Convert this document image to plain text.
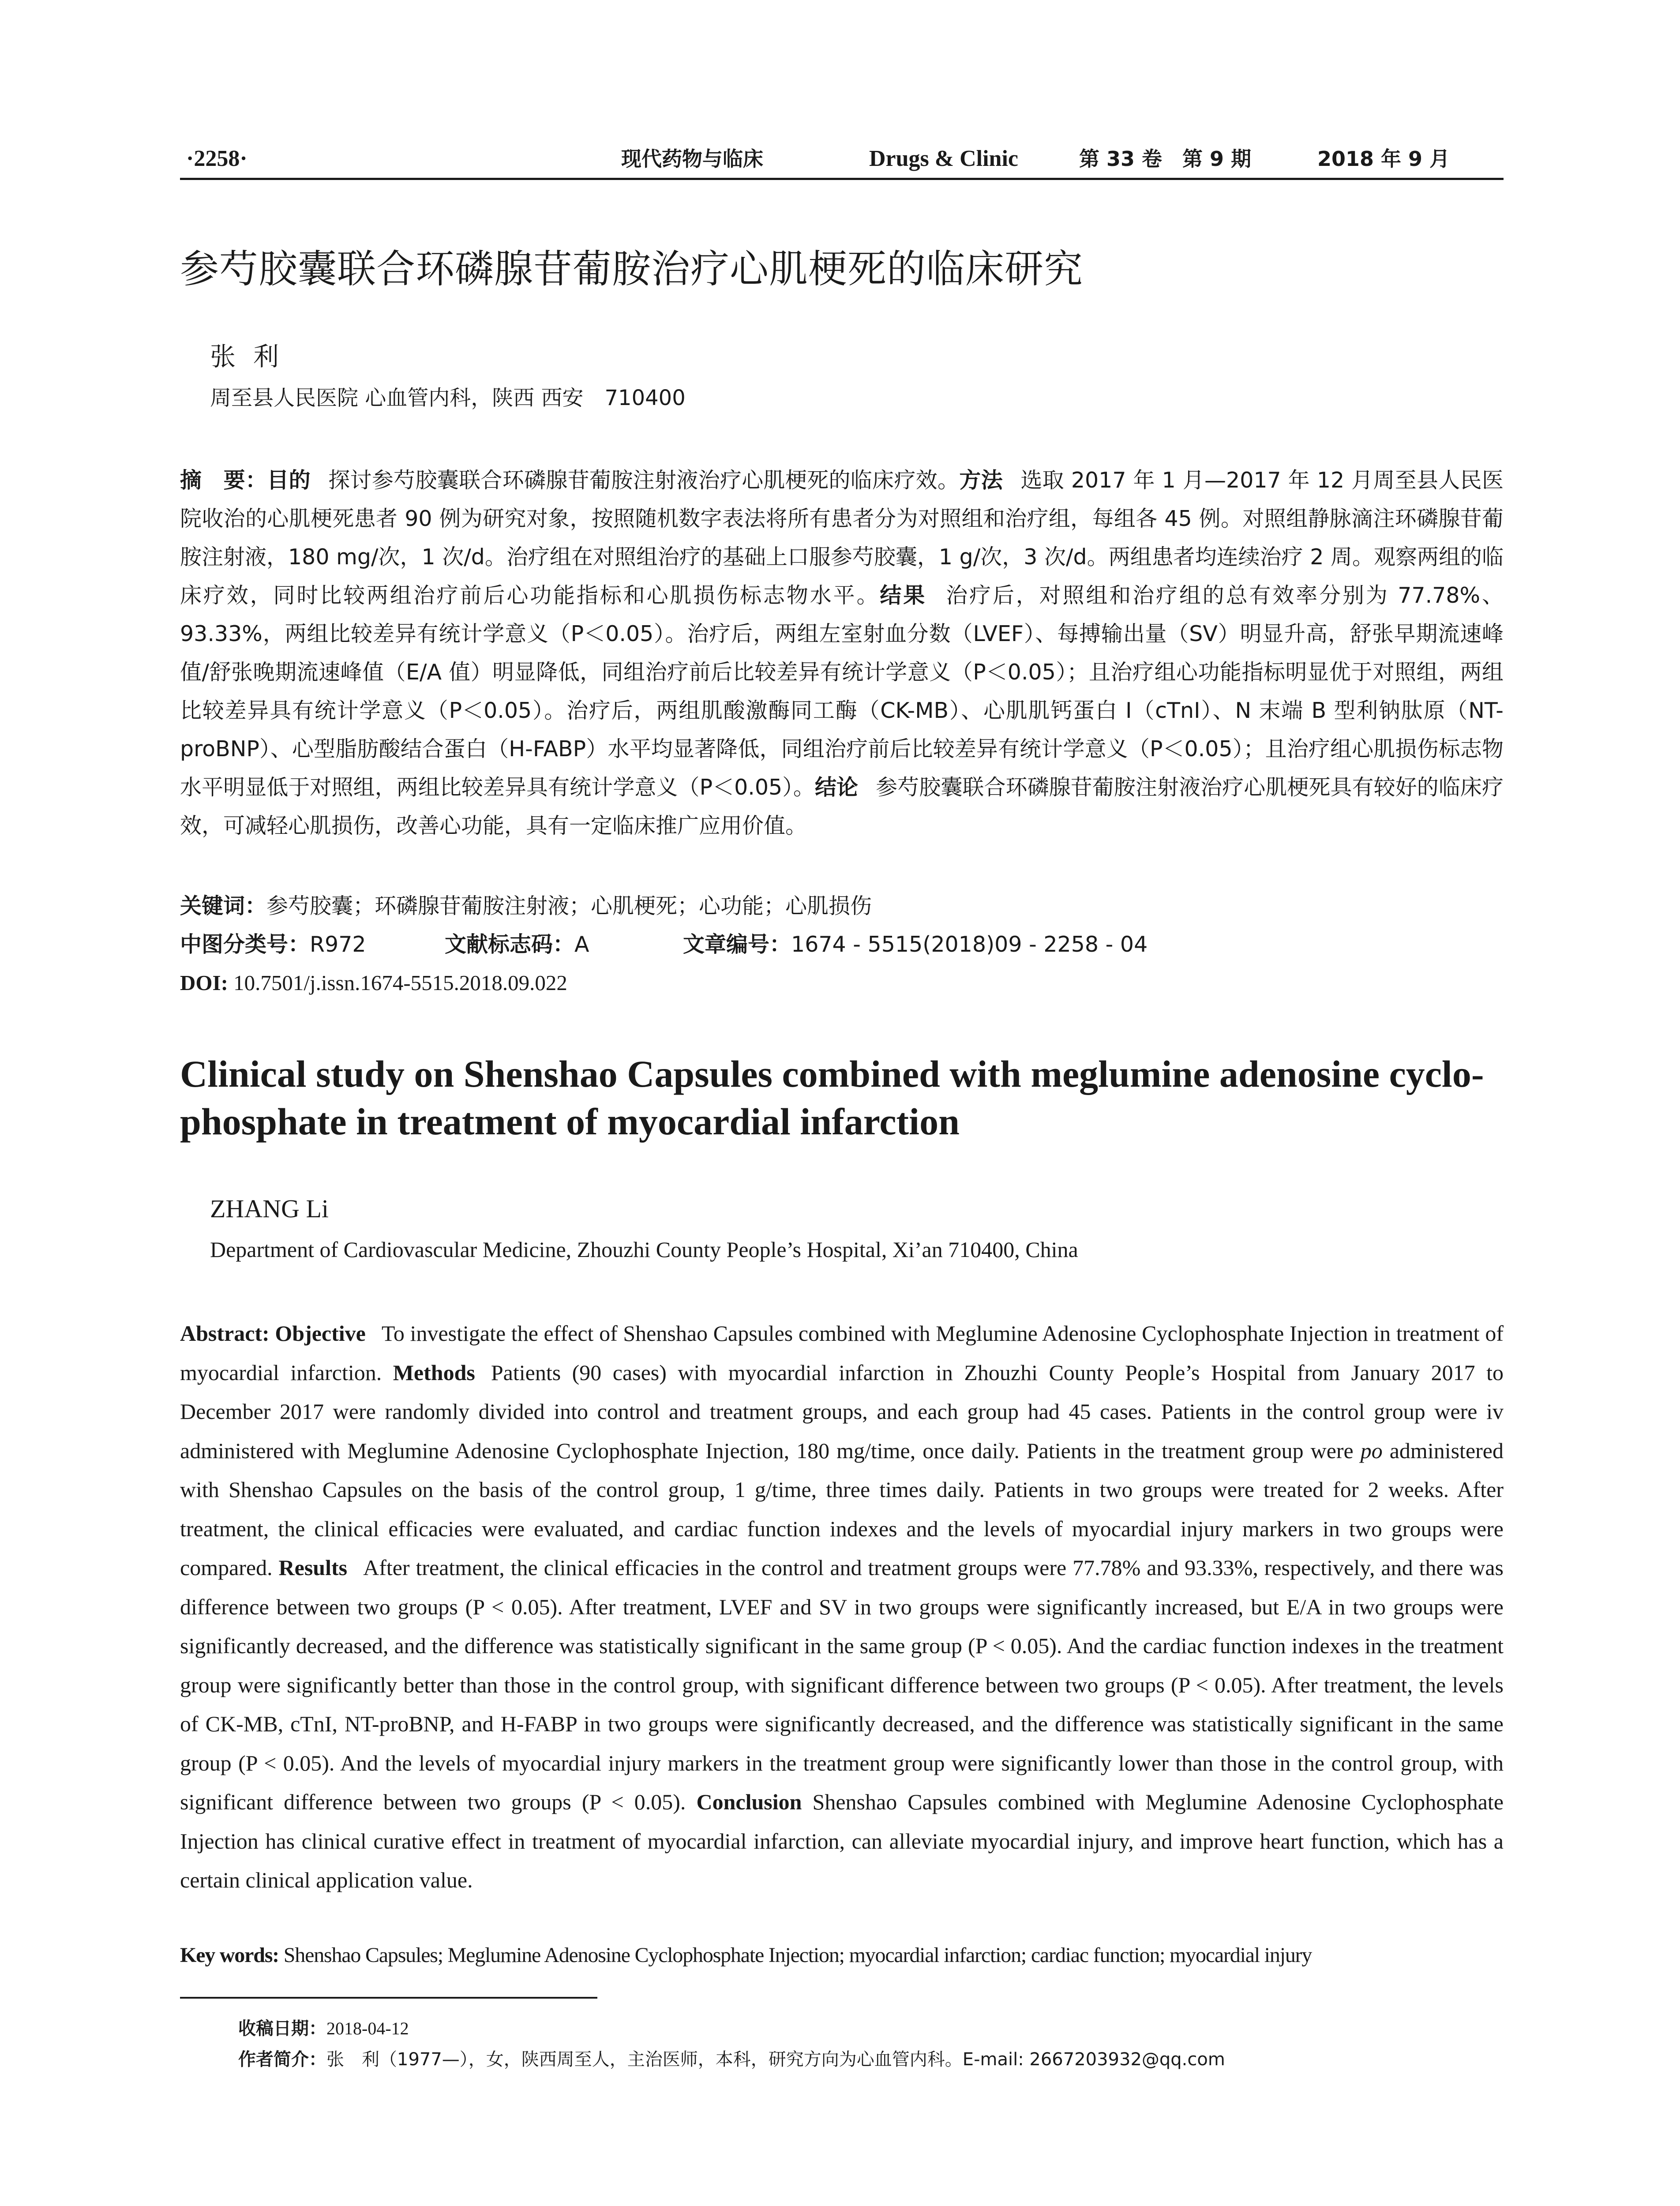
·2258·	现代药物与临床	Drugs & Clinic	第 33 卷　第 9 期	2018 年 9 月
参芍胶囊联合环磷腺苷葡胺治疗心肌梗死的临床研究
张利
周至县人民医院 心血管内科，陕西 西安　710400
摘　要：目的 探讨参芍胶囊联合环磷腺苷葡胺注射液治疗心肌梗死的临床疗效。方法 选取 2017 年 1 月—2017 年 12 月周至县人民医院收治的心肌梗死患者 90 例为研究对象，按照随机数字表法将所有患者分为对照组和治疗组，每组各 45 例。对照组静脉滴注环磷腺苷葡胺注射液，180 mg/次，1 次/d。治疗组在对照组治疗的基础上口服参芍胶囊，1 g/次，3 次/d。两组患者均连续治疗 2 周。观察两组的临床疗效，同时比较两组治疗前后心功能指标和心肌损伤标志物水平。结果 治疗后，对照组和治疗组的总有效率分别为 77.78%、93.33%，两组比较差异有统计学意义（P＜0.05）。治疗后，两组左室射血分数（LVEF）、每搏输出量（SV）明显升高，舒张早期流速峰值/舒张晚期流速峰值（E/A 值）明显降低，同组治疗前后比较差异有统计学意义（P＜0.05）；且治疗组心功能指标明显优于对照组，两组比较差异具有统计学意义（P＜0.05）。治疗后，两组肌酸激酶同工酶（CK-MB）、心肌肌钙蛋白 I（cTnI）、N 末端 B 型利钠肽原（NT-proBNP）、心型脂肪酸结合蛋白（H-FABP）水平均显著降低，同组治疗前后比较差异有统计学意义（P＜0.05）；且治疗组心肌损伤标志物水平明显低于对照组，两组比较差异具有统计学意义（P＜0.05）。结论 参芍胶囊联合环磷腺苷葡胺注射液治疗心肌梗死具有较好的临床疗效，可减轻心肌损伤，改善心功能，具有一定临床推广应用价值。
关键词：参芍胶囊；环磷腺苷葡胺注射液；心肌梗死；心功能；心肌损伤
中图分类号：R972	文献标志码：A	文章编号：1674 - 5515(2018)09 - 2258 - 04
DOI: 10.7501/j.issn.1674-5515.2018.09.022
Clinical study on Shenshao Capsules combined with meglumine adenosine cyclo-phosphate in treatment of myocardial infarction
ZHANG Li
Department of Cardiovascular Medicine, Zhouzhi County People’s Hospital, Xi’an 710400, China
Abstract: Objective To investigate the effect of Shenshao Capsules combined with Meglumine Adenosine Cyclophosphate Injection in treatment of myocardial infarction. Methods Patients (90 cases) with myocardial infarction in Zhouzhi County People’s Hospital from January 2017 to December 2017 were randomly divided into control and treatment groups, and each group had 45 cases. Patients in the control group were iv administered with Meglumine Adenosine Cyclophosphate Injection, 180 mg/time, once daily. Patients in the treatment group were po administered with Shenshao Capsules on the basis of the control group, 1 g/time, three times daily. Patients in two groups were treated for 2 weeks. After treatment, the clinical efficacies were evaluated, and cardiac function indexes and the levels of myocardial injury markers in two groups were compared. Results After treatment, the clinical efficacies in the control and treatment groups were 77.78% and 93.33%, respectively, and there was difference between two groups (P < 0.05). After treatment, LVEF and SV in two groups were significantly increased, but E/A in two groups were significantly decreased, and the difference was statistically significant in the same group (P < 0.05). And the cardiac function indexes in the treatment group were significantly better than those in the control group, with significant difference between two groups (P < 0.05). After treatment, the levels of CK-MB, cTnI, NT-proBNP, and H-FABP in two groups were significantly decreased, and the difference was statistically significant in the same group (P < 0.05). And the levels of myocardial injury markers in the treatment group were significantly lower than those in the control group, with significant difference between two groups (P < 0.05). Conclusion Shenshao Capsules combined with Meglumine Adenosine Cyclophosphate Injection has clinical curative effect in treatment of myocardial infarction, can alleviate myocardial injury, and improve heart function, which has a certain clinical application value.
Key words: Shenshao Capsules; Meglumine Adenosine Cyclophosphate Injection; myocardial infarction; cardiac function; myocardial injury
收稿日期：2018-04-12
作者简介：张　利（1977—），女，陕西周至人，主治医师，本科，研究方向为心血管内科。E-mail: 2667203932@qq.com
